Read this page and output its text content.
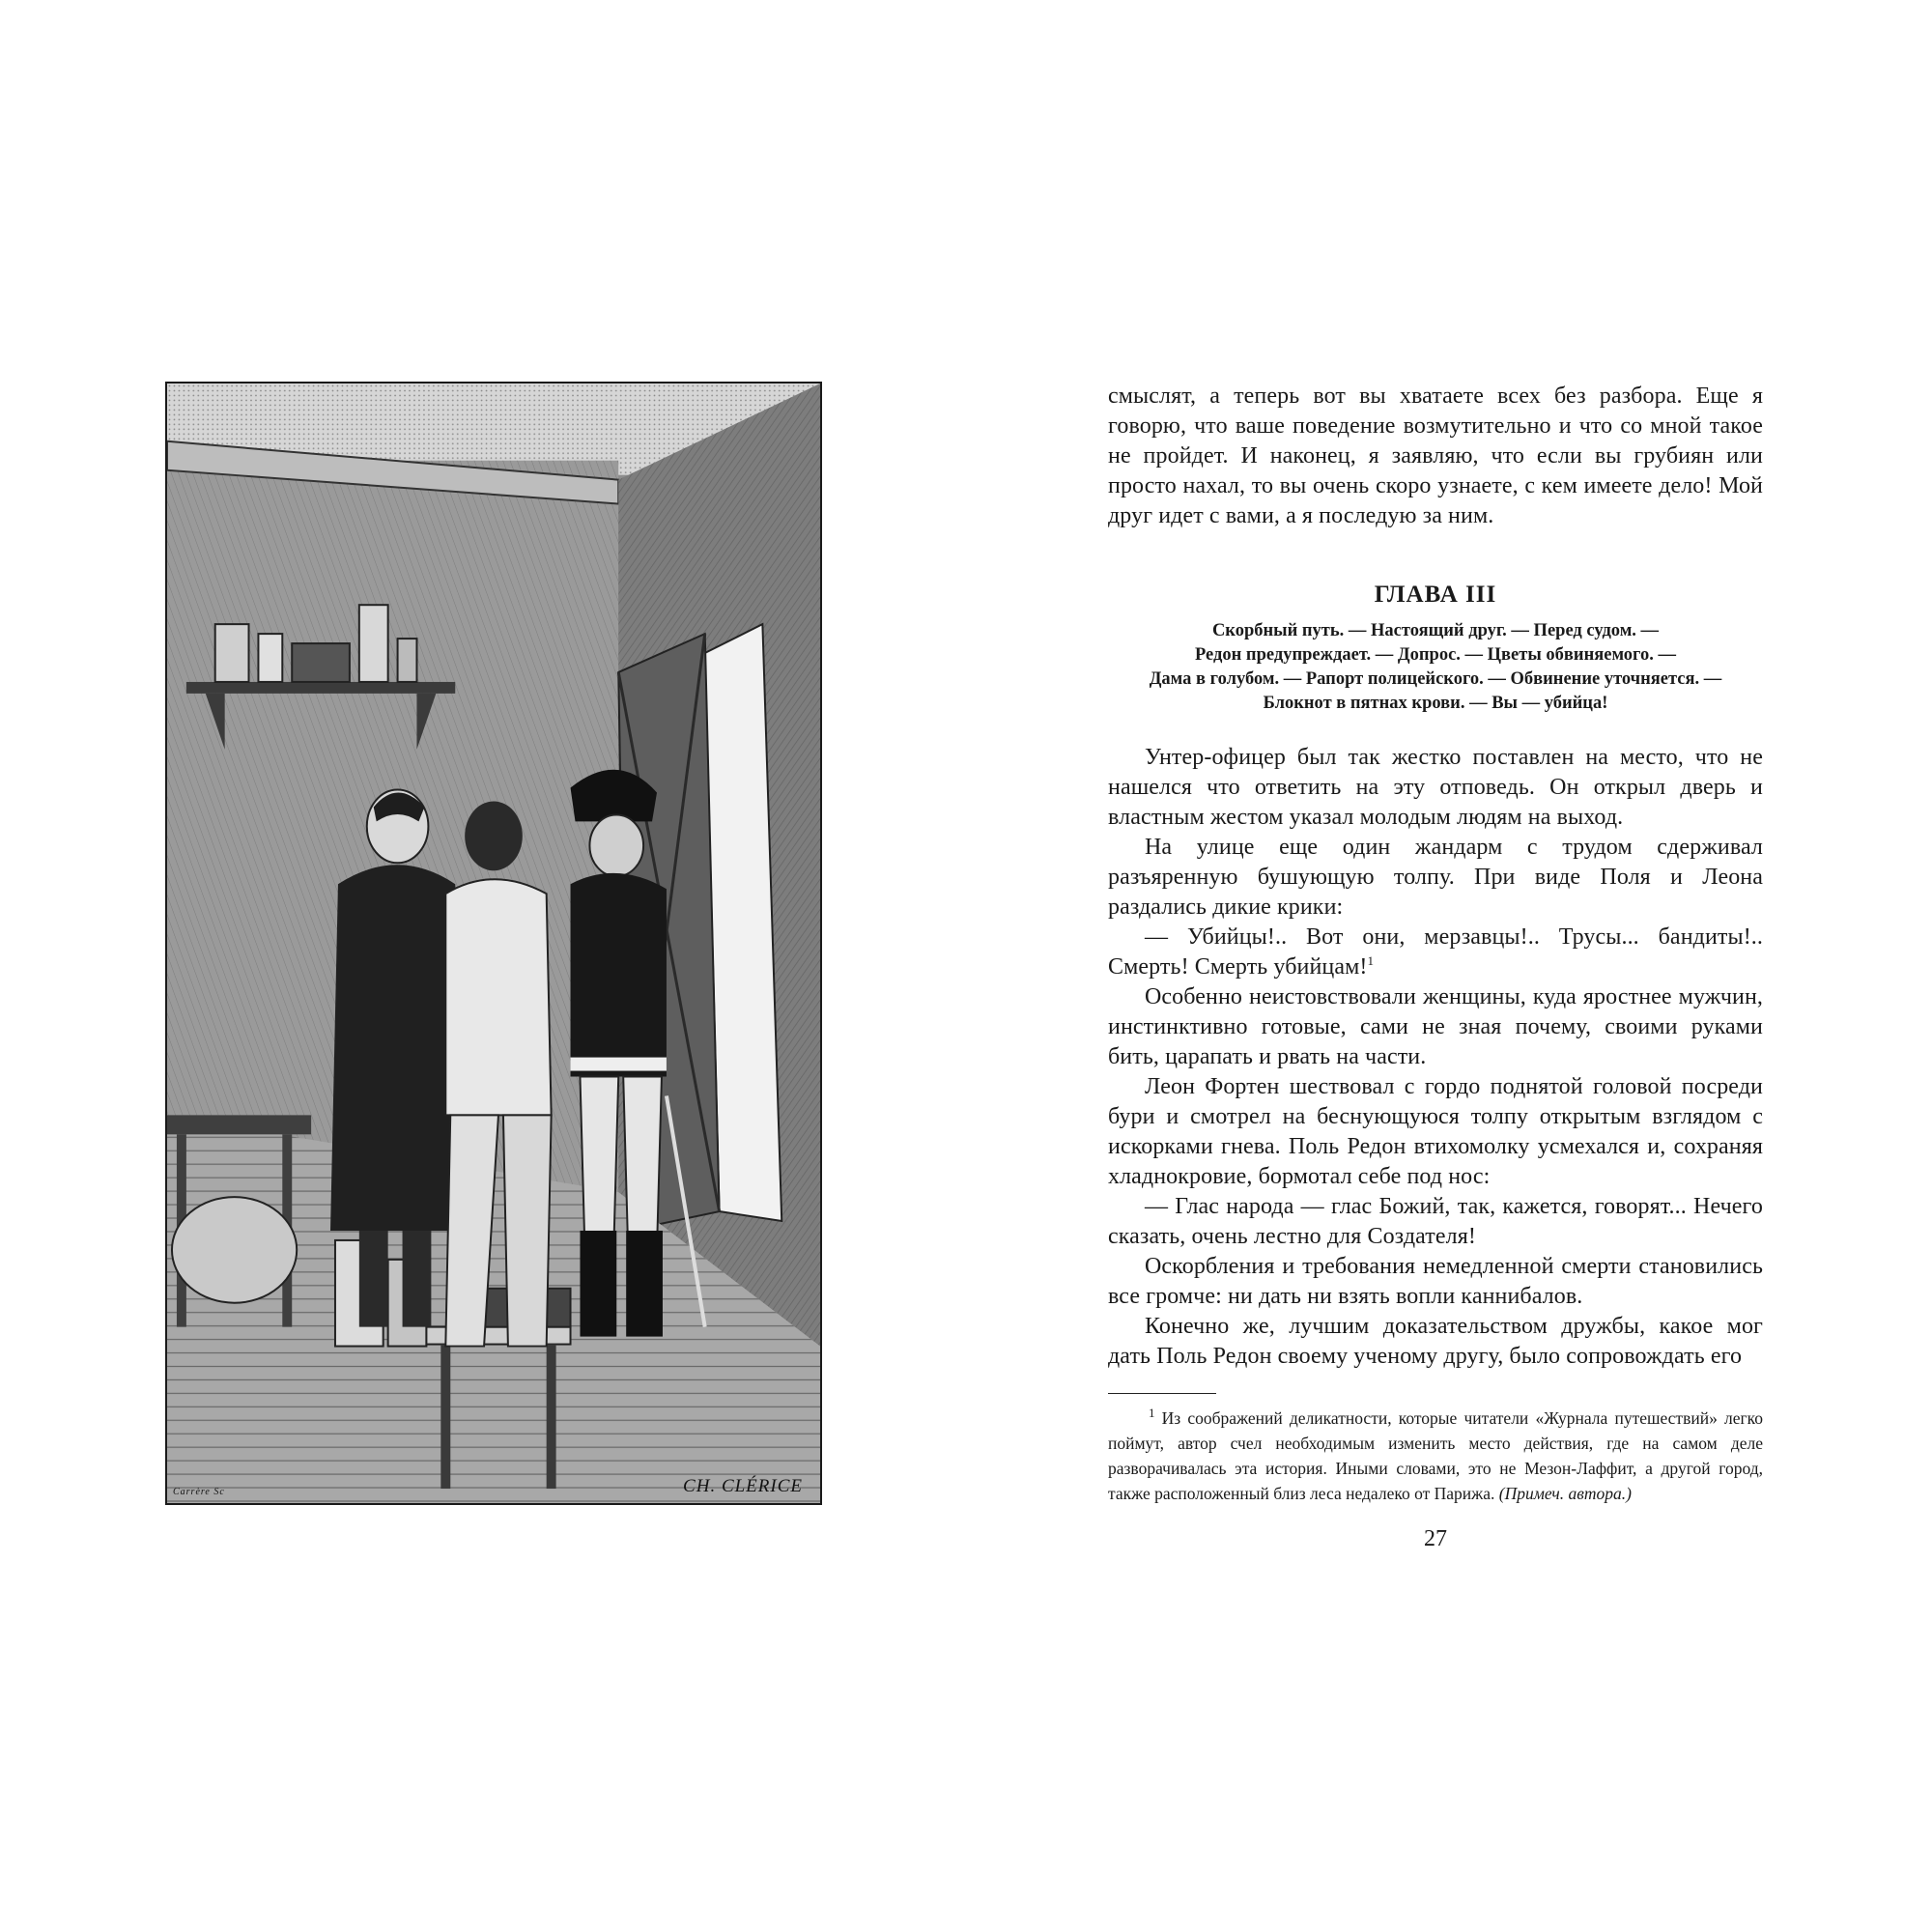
Carrère Sc	CH. CLÉRICE

смыслят, а теперь вот вы хватаете всех без разбора. Еще я говорю, что ваше поведение возмутительно и что со мной такое не пройдет. И наконец, я заявляю, что если вы грубиян или просто нахал, то вы очень скоро узнаете, с кем имеете дело! Мой друг идет с вами, а я последую за ним.

ГЛАВА III
Скорбный путь. — Настоящий друг. — Перед судом. —
Редон предупреждает. — Допрос. — Цветы обвиняемого. —
Дама в голубом. — Рапорт полицейского. — Обвинение уточняется. —
Блокнот в пятнах крови. — Вы — убийца!

Унтер-офицер был так жестко поставлен на место, что не нашелся что ответить на эту отповедь. Он открыл дверь и властным жестом указал молодым людям на выход.

На улице еще один жандарм с трудом сдерживал разъяренную бушующую толпу. При виде Поля и Леона раздались дикие крики:

— Убийцы!.. Вот они, мерзавцы!.. Трусы... бандиты!.. Смерть! Смерть убийцам!$^1$

Особенно неистовствовали женщины, куда яростнее мужчин, инстинктивно готовые, сами не зная почему, своими руками бить, царапать и рвать на части.

Леон Фортен шествовал с гордо поднятой головой посреди бури и смотрел на беснующуюся толпу открытым взглядом с искорками гнева. Поль Редон втихомолку усмехался и, сохраняя хладнокровие, бормотал себе под нос:

— Глас народа — глас Божий, так, кажется, говорят... Нечего сказать, очень лестно для Создателя!

Оскорбления и требования немедленной смерти становились все громче: ни дать ни взять вопли каннибалов.

Конечно же, лучшим доказательством дружбы, какое мог дать Поль Редон своему ученому другу, было сопровождать его

$^1$ Из соображений деликатности, которые читатели «Журнала путешествий» легко поймут, автор счел необходимым изменить место действия, где на самом деле разворачивалась эта история. Иными словами, это не Мезон-Лаффит, а другой город, также расположенный близ леса недалеко от Парижа. (Примеч. автора.)

27
